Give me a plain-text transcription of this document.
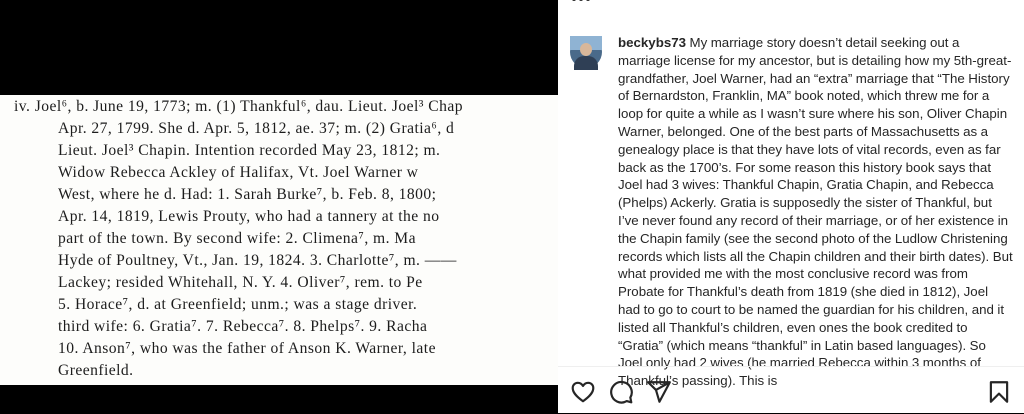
iv. Joel⁶, b. June 19, 1773; m. (1) Thankful⁶, dau. Lieut. Joel³ Chap
Apr. 27, 1799. She d. Apr. 5, 1812, ae. 37; m. (2) Gratia⁶, d
Lieut. Joel³ Chapin. Intention recorded May 23, 1812; m.
Widow Rebecca Ackley of Halifax, Vt. Joel Warner w
West, where he d. Had: 1. Sarah Burke⁷, b. Feb. 8, 1800;
Apr. 14, 1819, Lewis Prouty, who had a tannery at the no
part of the town. By second wife: 2. Climena⁷, m. Ma
Hyde of Poultney, Vt., Jan. 19, 1824. 3. Charlotte⁷, m. ——
Lackey; resided Whitehall, N. Y. 4. Oliver⁷, rem. to Pe
5. Horace⁷, d. at Greenfield; unm.; was a stage driver.
third wife: 6. Gratia⁷. 7. Rebecca⁷. 8. Phelps⁷. 9. Racha
10. Anson⁷, who was the father of Anson K. Warner, late
Greenfield.
beckybs73 My marriage story doesn’t detail seeking out a marriage license for my ancestor, but is detailing how my 5th-great-grandfather, Joel Warner, had an “extra” marriage that “The History of Bernardston, Franklin, MA” book noted, which threw me for a loop for quite a while as I wasn’t sure where his son, Oliver Chapin Warner, belonged. One of the best parts of Massachusetts as a genealogy place is that they have lots of vital records, even as far back as the 1700’s. For some reason this history book says that Joel had 3 wives: Thankful Chapin, Gratia Chapin, and Rebecca (Phelps) Ackerly. Gratia is supposedly the sister of Thankful, but I’ve never found any record of their marriage, or of her existence in the Chapin family (see the second photo of the Ludlow Christening records which lists all the Chapin children and their birth dates). But what provided me with the most conclusive record was from Probate for Thankful’s death from 1819 (she died in 1812), Joel had to go to court to be named the guardian for his children, and it listed all Thankful’s children, even ones the book credited to “Gratia” (which means “thankful” in Latin based languages). So Joel only had 2 wives (he married Rebecca within 3 months of Thankful’s passing). This is
